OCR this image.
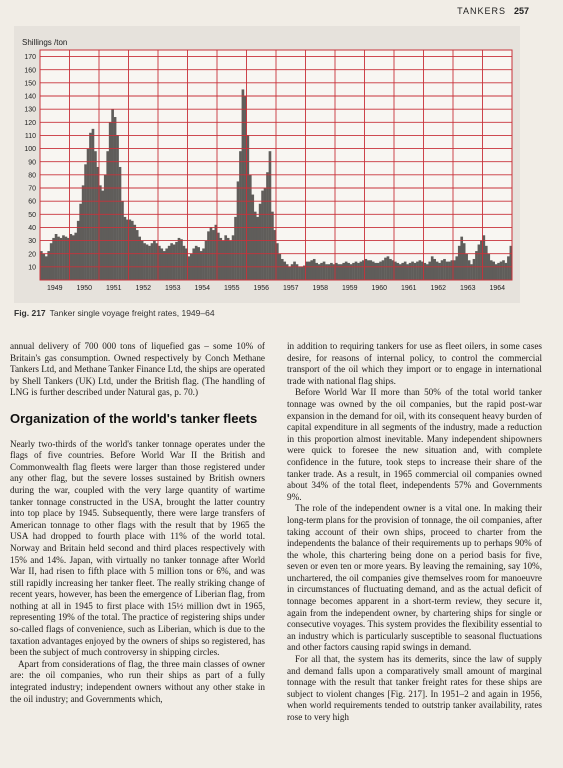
TANKERS 257
Shillings /ton
10
20
30
40
50
60
70
80
90
100
110
120
130
140
150
160
170
1949 1950 1951 1952 1953 1954 1955 1956 1957 1958 1959 1960 1961 1962 1963 1964
Fig. 217 Tanker single voyage freight rates, 1949–64

annual delivery of 700 000 tons of liquefied gas – some 10% of Britain's gas consumption. Owned respectively by Conch Methane Tankers Ltd, and Methane Tanker Finance Ltd, the ships are operated by Shell Tankers (UK) Ltd, under the British flag. (The handling of LNG is further described under Natural gas, p. 70.)

Organization of the world's tanker fleets

Nearly two-thirds of the world's tanker tonnage operates under the flags of five countries. Before World War II the British and Commonwealth flag fleets were larger than those registered under any other flag, but the severe losses sustained by British owners during the war, coupled with the very large quantity of wartime tanker tonnage constructed in the USA, brought the latter country into top place by 1945. Subsequently, there were large transfers of American tonnage to other flags with the result that by 1965 the USA had dropped to fourth place with 11% of the world total. Norway and Britain held second and third places respectively with 15% and 14%. Japan, with virtually no tanker tonnage after World War II, had risen to fifth place with 5 million tons or 6%, and was still rapidly increasing her tanker fleet. The really striking change of recent years, however, has been the emergence of Liberian flag, from nothing at all in 1945 to first place with 15½ million dwt in 1965, representing 19% of the total. The practice of registering ships under so-called flags of convenience, such as Liberian, which is due to the taxation advantages enjoyed by the owners of ships so registered, has been the subject of much controversy in shipping circles.

Apart from considerations of flag, the three main classes of owner are: the oil companies, who run their ships as part of a fully integrated industry; independent owners without any other stake in the oil industry; and Governments which,

in addition to requiring tankers for use as fleet oilers, in some cases desire, for reasons of internal policy, to control the commercial transport of the oil which they import or to engage in international trade with national flag ships.

Before World War II more than 50% of the total world tanker tonnage was owned by the oil companies, but the rapid post-war expansion in the demand for oil, with its consequent heavy burden of capital expenditure in all segments of the industry, made a reduction in this proportion almost inevitable. Many independent shipowners were quick to foresee the new situation and, with complete confidence in the future, took steps to increase their share of the tanker trade. As a result, in 1965 commercial oil companies owned about 34% of the total fleet, independents 57% and Governments 9%.

The role of the independent owner is a vital one. In making their long-term plans for the provision of tonnage, the oil companies, after taking account of their own ships, proceed to charter from the independents the balance of their requirements up to perhaps 90% of the whole, this chartering being done on a period basis for five, seven or even ten or more years. By leaving the remaining, say 10%, unchartered, the oil companies give themselves room for manoeuvre in circumstances of fluctuating demand, and as the actual deficit of tonnage becomes apparent in a short-term review, they secure it, again from the independent owner, by chartering ships for single or consecutive voyages. This system provides the flexibility essential to an industry which is particularly susceptible to seasonal fluctuations and other factors causing rapid swings in demand.

For all that, the system has its demerits, since the law of supply and demand falls upon a comparatively small amount of marginal tonnage with the result that tanker freight rates for these ships are subject to violent changes [Fig. 217]. In 1951–2 and again in 1956, when world requirements tended to outstrip tanker availability, rates rose to very high
